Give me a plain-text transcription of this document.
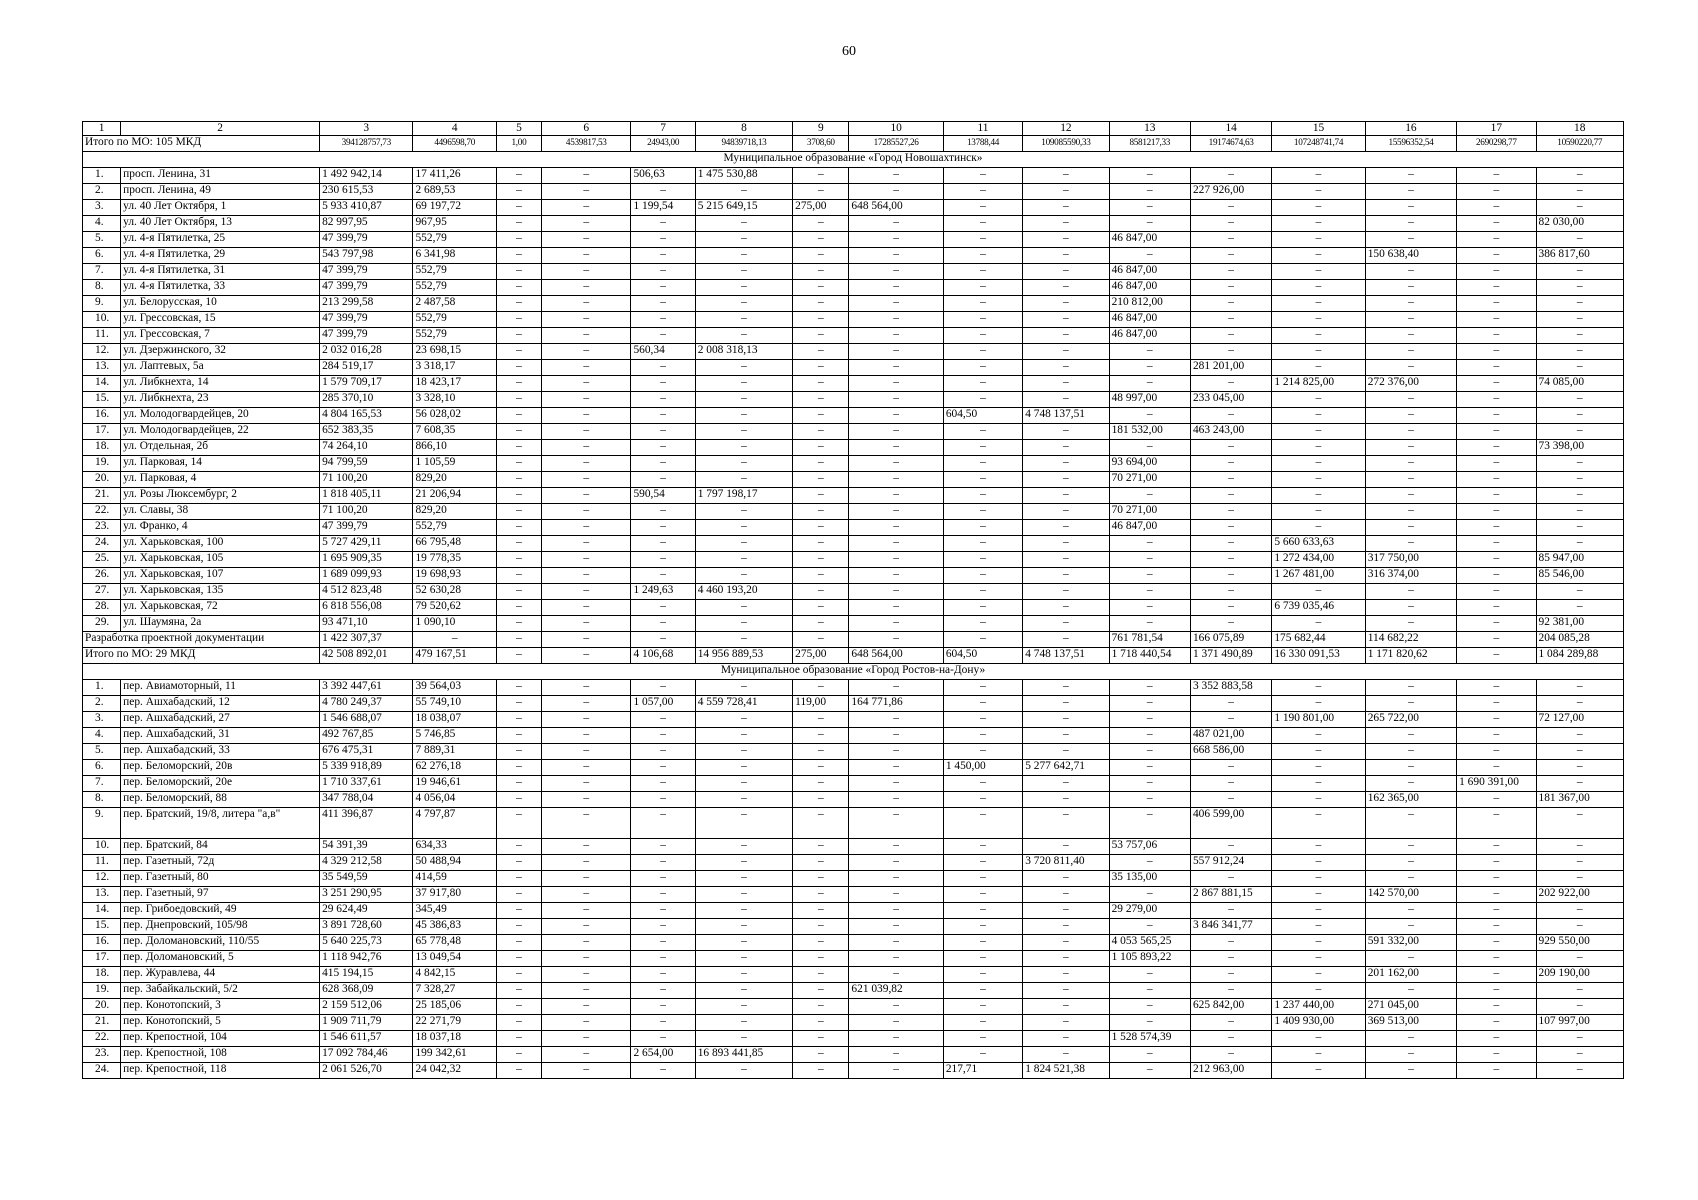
60
1	2	3	4	5	6	7	8	9	10	11	12	13	14	15	16	17	18
Итого по МО: 105 МКД		394128757,73	4496598,70	1,00	4539817,53	24943,00	94839718,13	3708,60	17285527,26	13788,44	109085590,33	8581217,33	19174674,63	107248741,74	15596352,54	2690298,77	10590220,77
Муниципальное образование «Город Новошахтинск»																	
1.	просп. Ленина, 31	1 492 942,14	17 411,26	–	–	506,63	1 475 530,88	–	–	–	–	–	–	–	–	–	–
2.	просп. Ленина, 49	230 615,53	2 689,53	–	–	–	–	–	–	–	–	–	227 926,00	–	–	–	–
3.	ул. 40 Лет Октября, 1	5 933 410,87	69 197,72	–	–	1 199,54	5 215 649,15	275,00	648 564,00	–	–	–	–	–	–	–	–
4.	ул. 40 Лет Октября, 13	82 997,95	967,95	–	–	–	–	–	–	–	–	–	–	–	–	–	82 030,00
5.	ул. 4-я Пятилетка, 25	47 399,79	552,79	–	–	–	–	–	–	–	–	46 847,00	–	–	–	–	–
6.	ул. 4-я Пятилетка, 29	543 797,98	6 341,98	–	–	–	–	–	–	–	–	–	–	–	150 638,40	–	386 817,60
7.	ул. 4-я Пятилетка, 31	47 399,79	552,79	–	–	–	–	–	–	–	–	46 847,00	–	–	–	–	–
8.	ул. 4-я Пятилетка, 33	47 399,79	552,79	–	–	–	–	–	–	–	–	46 847,00	–	–	–	–	–
9.	ул. Белорусская, 10	213 299,58	2 487,58	–	–	–	–	–	–	–	–	210 812,00	–	–	–	–	–
10.	ул. Грессовская, 15	47 399,79	552,79	–	–	–	–	–	–	–	–	46 847,00	–	–	–	–	–
11.	ул. Грессовская, 7	47 399,79	552,79	–	–	–	–	–	–	–	–	46 847,00	–	–	–	–	–
12.	ул. Дзержинского, 32	2 032 016,28	23 698,15	–	–	560,34	2 008 318,13	–	–	–	–	–	–	–	–	–	–
13.	ул. Лаптевых, 5а	284 519,17	3 318,17	–	–	–	–	–	–	–	–	–	281 201,00	–	–	–	–
14.	ул. Либкнехта, 14	1 579 709,17	18 423,17	–	–	–	–	–	–	–	–	–	–	1 214 825,00	272 376,00	–	74 085,00
15.	ул. Либкнехта, 23	285 370,10	3 328,10	–	–	–	–	–	–	–	–	48 997,00	233 045,00	–	–	–	–
16.	ул. Молодогвардейцев, 20	4 804 165,53	56 028,02	–	–	–	–	–	–	604,50	4 748 137,51	–	–	–	–	–	–
17.	ул. Молодогвардейцев, 22	652 383,35	7 608,35	–	–	–	–	–	–	–	–	181 532,00	463 243,00	–	–	–	–
18.	ул. Отдельная, 2б	74 264,10	866,10	–	–	–	–	–	–	–	–	–	–	–	–	–	73 398,00
19.	ул. Парковая, 14	94 799,59	1 105,59	–	–	–	–	–	–	–	–	93 694,00	–	–	–	–	–
20.	ул. Парковая, 4	71 100,20	829,20	–	–	–	–	–	–	–	–	70 271,00	–	–	–	–	–
21.	ул. Розы Люксембург, 2	1 818 405,11	21 206,94	–	–	590,54	1 797 198,17	–	–	–	–	–	–	–	–	–	–
22.	ул. Славы, 38	71 100,20	829,20	–	–	–	–	–	–	–	–	70 271,00	–	–	–	–	–
23.	ул. Франко, 4	47 399,79	552,79	–	–	–	–	–	–	–	–	46 847,00	–	–	–	–	–
24.	ул. Харьковская, 100	5 727 429,11	66 795,48	–	–	–	–	–	–	–	–	–	–	5 660 633,63	–	–	–
25.	ул. Харьковская, 105	1 695 909,35	19 778,35	–	–	–	–	–	–	–	–	–	–	1 272 434,00	317 750,00	–	85 947,00
26.	ул. Харьковская, 107	1 689 099,93	19 698,93	–	–	–	–	–	–	–	–	–	–	1 267 481,00	316 374,00	–	85 546,00
27.	ул. Харьковская, 135	4 512 823,48	52 630,28	–	–	1 249,63	4 460 193,20	–	–	–	–	–	–	–	–	–	–
28.	ул. Харьковская, 72	6 818 556,08	79 520,62	–	–	–	–	–	–	–	–	–	–	6 739 035,46	–	–	–
29.	ул. Шаумяна, 2а	93 471,10	1 090,10	–	–	–	–	–	–	–	–	–	–	–	–	–	92 381,00
Разработка проектной документации		1 422 307,37	–	–	–	–	–	–	–	–	–	761 781,54	166 075,89	175 682,44	114 682,22	–	204 085,28
Итого по МО: 29 МКД		42 508 892,01	479 167,51	–	–	4 106,68	14 956 889,53	275,00	648 564,00	604,50	4 748 137,51	1 718 440,54	1 371 490,89	16 330 091,53	1 171 820,62	–	1 084 289,88
Муниципальное образование «Город Ростов-на-Дону»																	
1.	пер. Авиамоторный, 11	3 392 447,61	39 564,03	–	–	–	–	–	–	–	–	–	3 352 883,58	–	–	–	–
2.	пер. Ашхабадский, 12	4 780 249,37	55 749,10	–	–	1 057,00	4 559 728,41	119,00	164 771,86	–	–	–	–	–	–	–	–
3.	пер. Ашхабадский, 27	1 546 688,07	18 038,07	–	–	–	–	–	–	–	–	–	–	1 190 801,00	265 722,00	–	72 127,00
4.	пер. Ашхабадский, 31	492 767,85	5 746,85	–	–	–	–	–	–	–	–	–	487 021,00	–	–	–	–
5.	пер. Ашхабадский, 33	676 475,31	7 889,31	–	–	–	–	–	–	–	–	–	668 586,00	–	–	–	–
6.	пер. Беломорский, 20в	5 339 918,89	62 276,18	–	–	–	–	–	–	1 450,00	5 277 642,71	–	–	–	–	–	–
7.	пер. Беломорский, 20е	1 710 337,61	19 946,61	–	–	–	–	–	–	–	–	–	–	–	–	1 690 391,00	–
8.	пер. Беломорский, 88	347 788,04	4 056,04	–	–	–	–	–	–	–	–	–	–	–	162 365,00	–	181 367,00
9.	пер. Братский, 19/8, литера "а,в"	411 396,87	4 797,87	–	–	–	–	–	–	–	–	–	406 599,00	–	–	–	–
10.	пер. Братский, 84	54 391,39	634,33	–	–	–	–	–	–	–	–	53 757,06	–	–	–	–	–
11.	пер. Газетный, 72д	4 329 212,58	50 488,94	–	–	–	–	–	–	–	3 720 811,40	–	557 912,24	–	–	–	–
12.	пер. Газетный, 80	35 549,59	414,59	–	–	–	–	–	–	–	–	35 135,00	–	–	–	–	–
13.	пер. Газетный, 97	3 251 290,95	37 917,80	–	–	–	–	–	–	–	–	–	2 867 881,15	–	142 570,00	–	202 922,00
14.	пер. Грибоедовский, 49	29 624,49	345,49	–	–	–	–	–	–	–	–	29 279,00	–	–	–	–	–
15.	пер. Днепровский, 105/98	3 891 728,60	45 386,83	–	–	–	–	–	–	–	–	–	3 846 341,77	–	–	–	–
16.	пер. Доломановский, 110/55	5 640 225,73	65 778,48	–	–	–	–	–	–	–	–	4 053 565,25	–	–	591 332,00	–	929 550,00
17.	пер. Доломановский, 5	1 118 942,76	13 049,54	–	–	–	–	–	–	–	–	1 105 893,22	–	–	–	–	–
18.	пер. Журавлева, 44	415 194,15	4 842,15	–	–	–	–	–	–	–	–	–	–	–	201 162,00	–	209 190,00
19.	пер. Забайкальский, 5/2	628 368,09	7 328,27	–	–	–	–	–	621 039,82	–	–	–	–	–	–	–	–
20.	пер. Конотопский, 3	2 159 512,06	25 185,06	–	–	–	–	–	–	–	–	–	625 842,00	1 237 440,00	271 045,00	–	–
21.	пер. Конотопский, 5	1 909 711,79	22 271,79	–	–	–	–	–	–	–	–	–	–	1 409 930,00	369 513,00	–	107 997,00
22.	пер. Крепостной, 104	1 546 611,57	18 037,18	–	–	–	–	–	–	–	–	1 528 574,39	–	–	–	–	–
23.	пер. Крепостной, 108	17 092 784,46	199 342,61	–	–	2 654,00	16 893 441,85	–	–	–	–	–	–	–	–	–	–
24.	пер. Крепостной, 118	2 061 526,70	24 042,32	–	–	–	–	–	–	217,71	1 824 521,38	–	212 963,00	–	–	–	–
